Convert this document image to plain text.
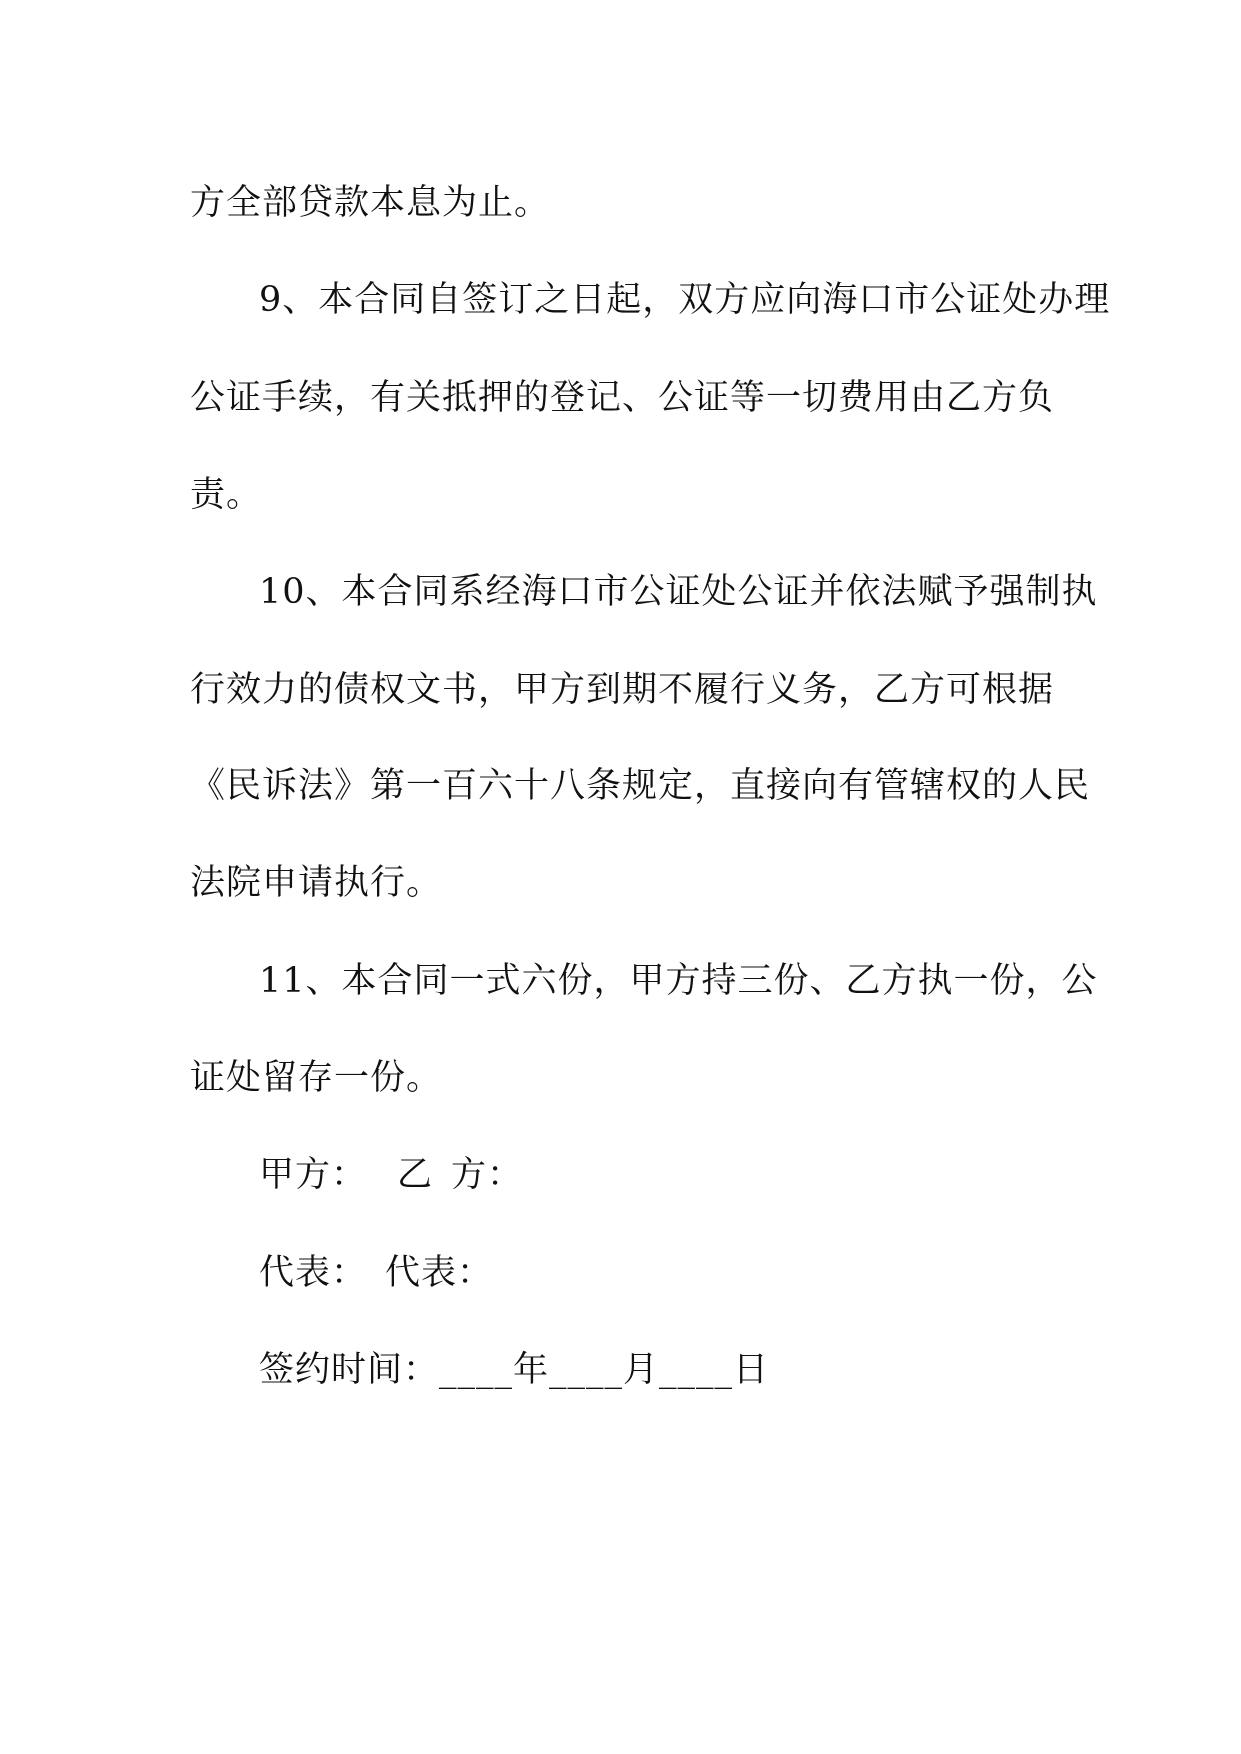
方全部贷款本息为止。
9、本合同自签订之日起，双方应向海口市公证处办理
公证手续，有关抵押的登记、公证等一切费用由乙方负
责。
10、本合同系经海口市公证处公证并依法赋予强制执
行效力的债权文书，甲方到期不履行义务，乙方可根据
《民诉法》第一百六十八条规定，直接向有管辖权的人民
法院申请执行。
11、本合同一式六份，甲方持三份、乙方执一份，公
证处留存一份。
甲方： 乙 方：
代表： 代表：
签约时间：____年____月____日
